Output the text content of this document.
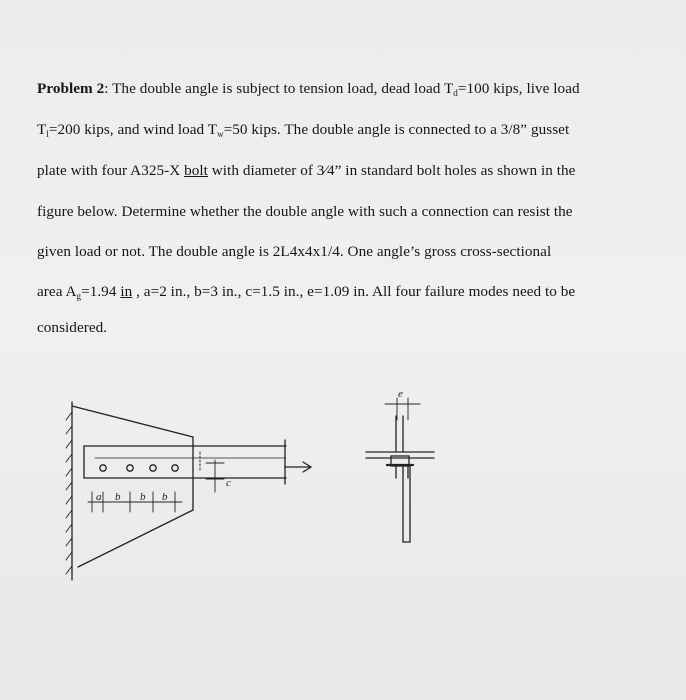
Problem 2: The double angle is subject to tension load, dead load $T_d=100$ kips, live load
$T_l=200$ kips, and wind load $T_w=50$ kips. The double angle is connected to a 3/8” gusset
plate with four A325-X bolt with diameter of 3⁄4” in standard bolt holes as shown in the
figure below. Determine whether the double angle with such a connection can resist the
given load or not. The double angle is 2L4x4x1/4. One angle’s gross cross-sectional
area $A_g=1.94$ in , a=2 in., b=3 in., c=1.5 in., e=1.09 in. All four failure modes need to be
considered.
a b b b
c
e
